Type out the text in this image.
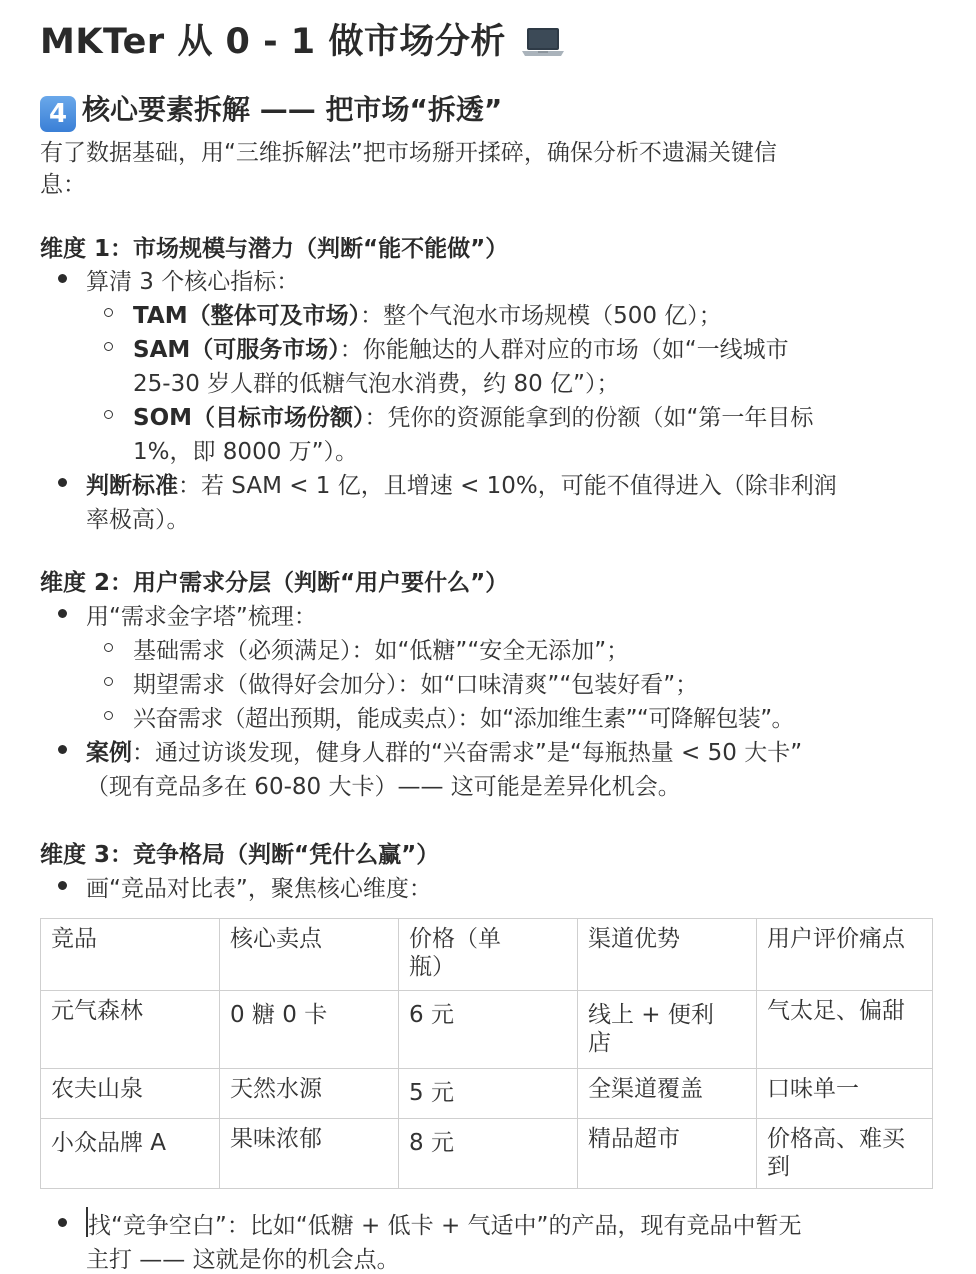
MKTer 从 0 - 1 做市场分析
4 核心要素拆解 —— 把市场“拆透”
有了数据基础，用“三维拆解法”把市场掰开揉碎，确保分析不遗漏关键信
息：
维度 1：市场规模与潜力（判断“能不能做”）
算清 3 个核心指标：
TAM（整体可及市场）：整个气泡水市场规模（500 亿）；
SAM（可服务市场）：你能触达的人群对应的市场（如“一线城市
25-30 岁人群的低糖气泡水消费，约 80 亿”）；
SOM（目标市场份额）：凭你的资源能拿到的份额（如“第一年目标
1%，即 8000 万”）。
判断标准：若 SAM < 1 亿，且增速 < 10%，可能不值得进入（除非利润
率极高）。
维度 2：用户需求分层（判断“用户要什么”）
用“需求金字塔”梳理：
基础需求（必须满足）：如“低糖”“安全无添加”；
期望需求（做得好会加分）：如“口味清爽”“包装好看”；
兴奋需求（超出预期，能成卖点）：如“添加维生素”“可降解包装”。
案例：通过访谈发现，健身人群的“兴奋需求”是“每瓶热量 < 50 大卡”
（现有竞品多在 60-80 大卡）—— 这可能是差异化机会。
维度 3：竞争格局（判断“凭什么赢”）
画“竞品对比表”，聚焦核心维度：
竞品	核心卖点	价格（单瓶）	渠道优势	用户评价痛点
元气森林	0 糖 0 卡	6 元	线上 + 便利店	气太足、偏甜
农夫山泉	天然水源	5 元	全渠道覆盖	口味单一

小众品牌 A	果味浓郁	8 元	精品超市	价格高、难买到
找“竞争空白”：比如“低糖 + 低卡 + 气适中”的产品，现有竞品中暂无
主打 —— 这就是你的机会点。
